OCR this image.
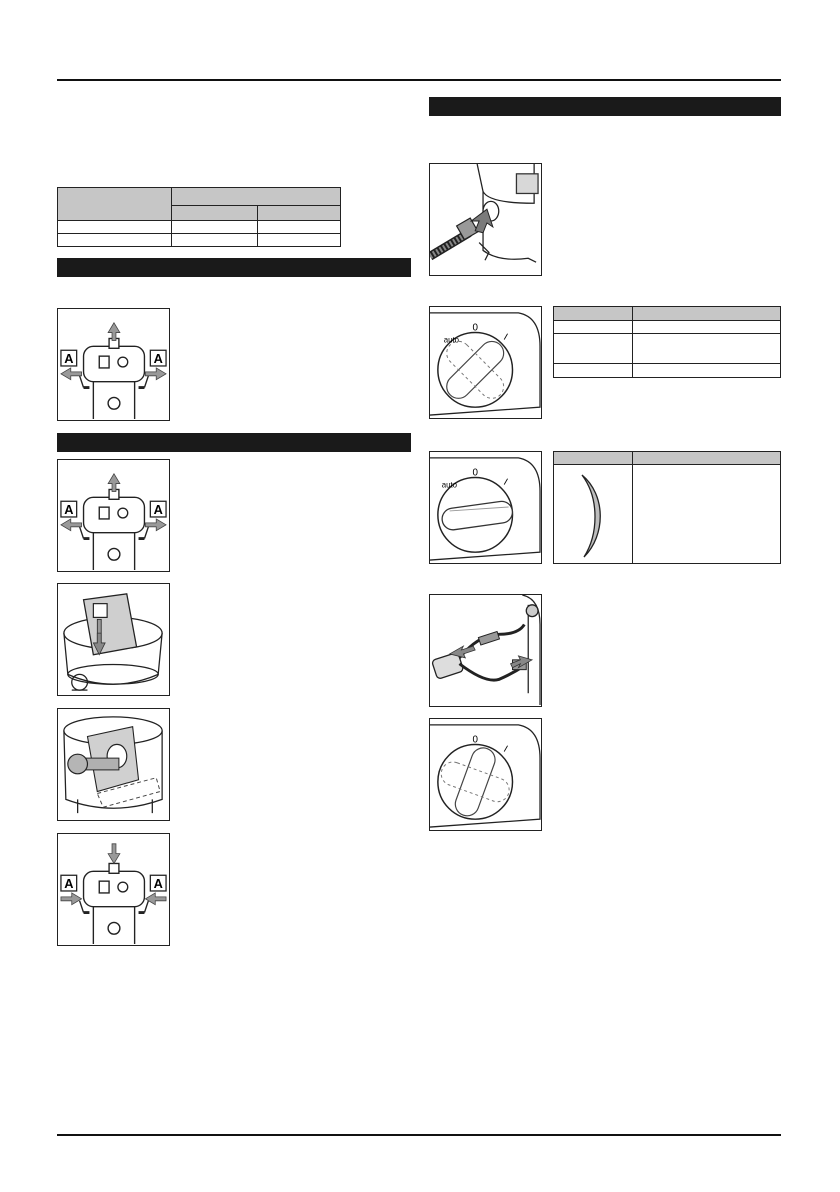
A	A
A	A
A	A
0
auto	I
0
auto	I
0
I
